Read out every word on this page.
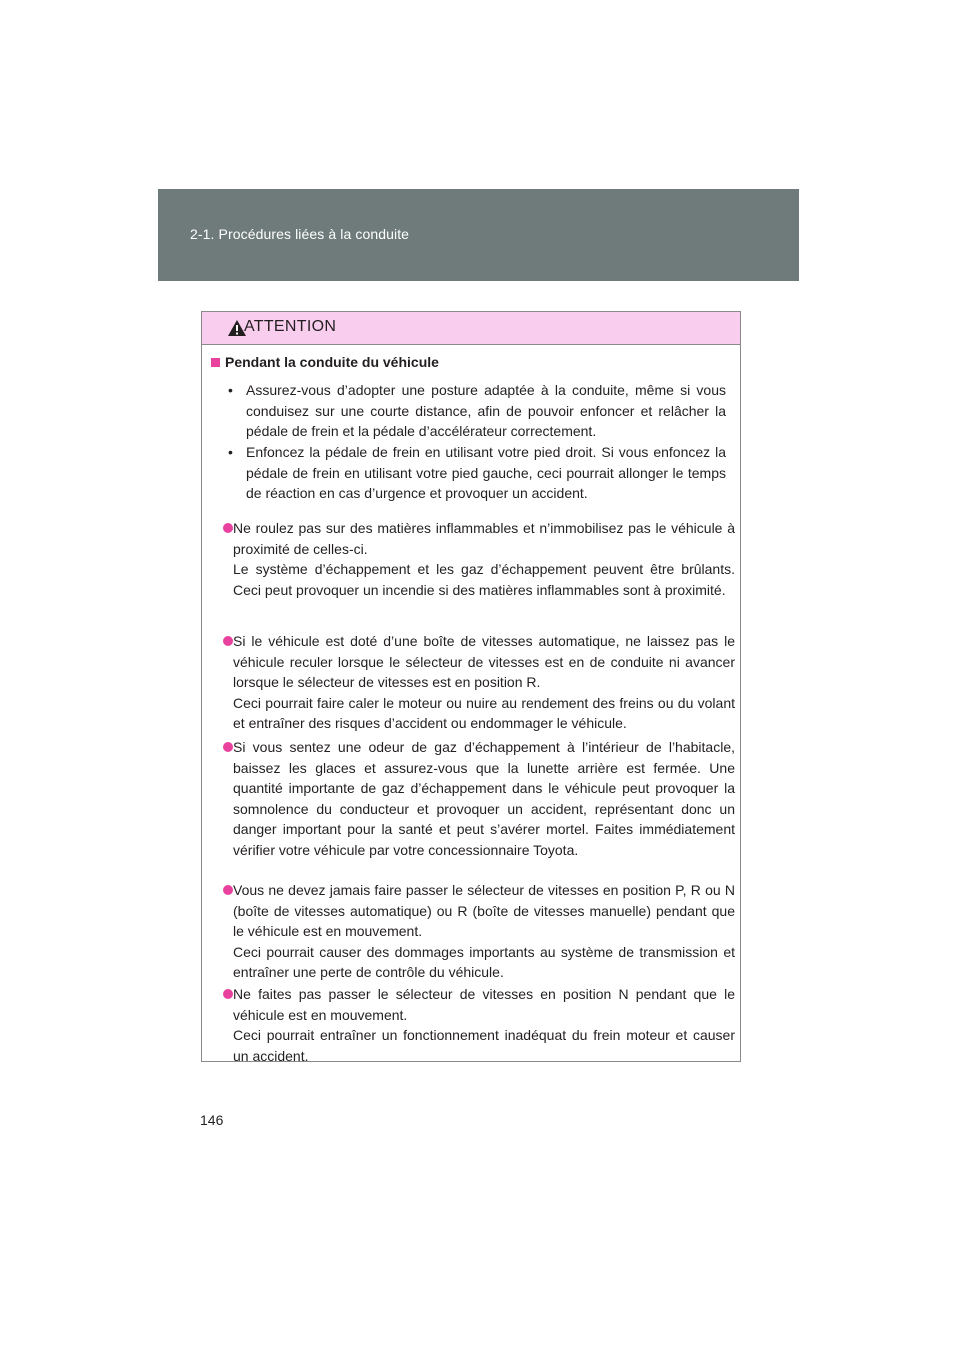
2-1. Procédures liées à la conduite
ATTENTION
Pendant la conduite du véhicule
• Assurez-vous d’adopter une posture adaptée à la conduite, même si vous conduisez sur une courte distance, afin de pouvoir enfoncer et relâcher la pédale de frein et la pédale d’accélérateur correctement.
• Enfoncez la pédale de frein en utilisant votre pied droit. Si vous enfoncez la pédale de frein en utilisant votre pied gauche, ceci pourrait allonger le temps de réaction en cas d’urgence et provoquer un accident.
Ne roulez pas sur des matières inflammables et n’immobilisez pas le véhicule à proximité de celles-ci.
Le système d’échappement et les gaz d’échappement peuvent être brûlants. Ceci peut provoquer un incendie si des matières inflammables sont à proximité.
Si le véhicule est doté d’une boîte de vitesses automatique, ne laissez pas le véhicule reculer lorsque le sélecteur de vitesses est en de conduite ni avancer lorsque le sélecteur de vitesses est en position R.
Ceci pourrait faire caler le moteur ou nuire au rendement des freins ou du volant et entraîner des risques d’accident ou endommager le véhicule.
Si vous sentez une odeur de gaz d’échappement à l’intérieur de l’habitacle, baissez les glaces et assurez-vous que la lunette arrière est fermée. Une quantité importante de gaz d’échappement dans le véhicule peut provoquer la somnolence du conducteur et provoquer un accident, représentant donc un danger important pour la santé et peut s’avérer mortel. Faites immédiatement vérifier votre véhicule par votre concessionnaire Toyota.
Vous ne devez jamais faire passer le sélecteur de vitesses en position P, R ou N (boîte de vitesses automatique) ou R (boîte de vitesses manuelle) pendant que le véhicule est en mouvement.
Ceci pourrait causer des dommages importants au système de transmission et entraîner une perte de contrôle du véhicule.
Ne faites pas passer le sélecteur de vitesses en position N pendant que le véhicule est en mouvement.
Ceci pourrait entraîner un fonctionnement inadéquat du frein moteur et causer un accident.
146
